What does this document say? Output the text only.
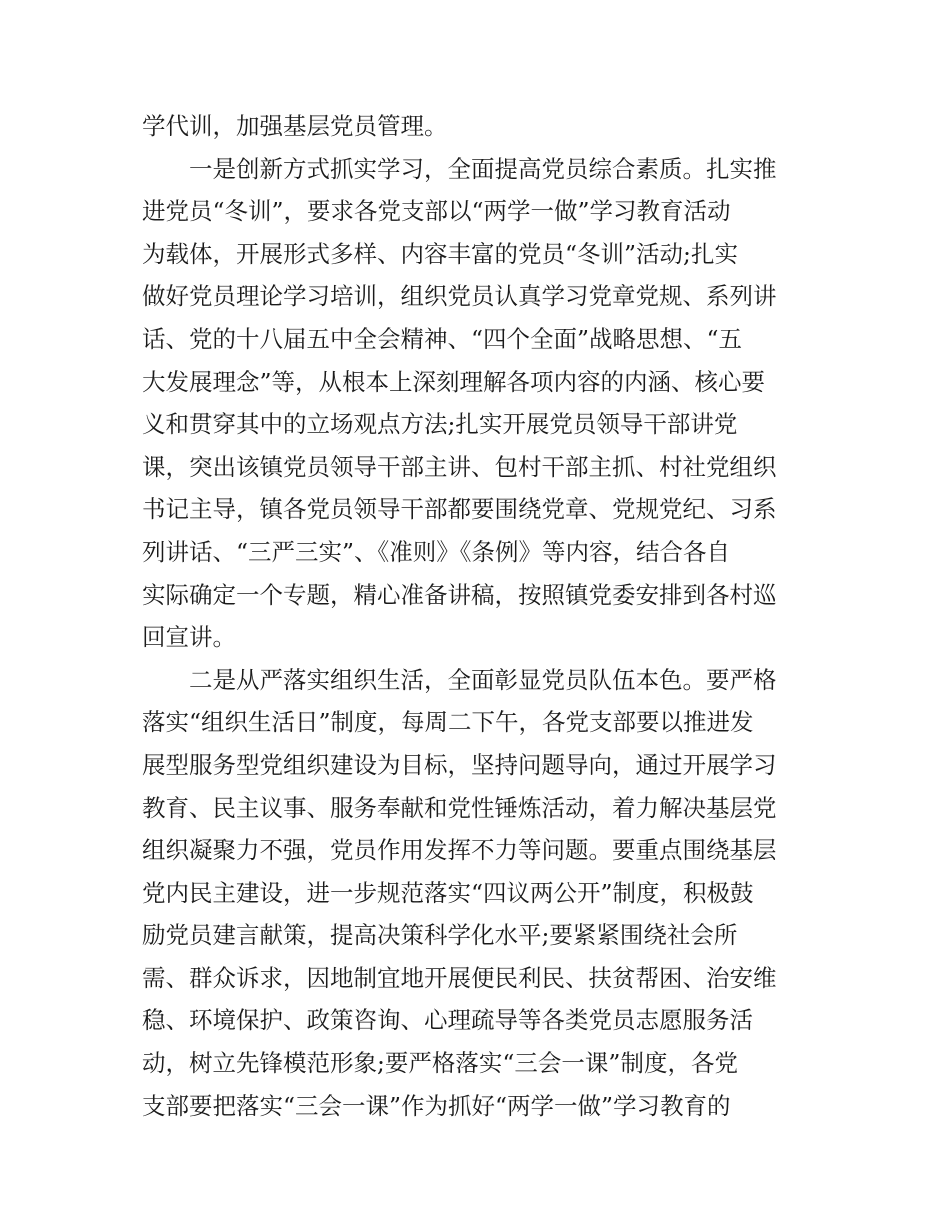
学代训，加强基层党员管理。
一是创新方式抓实学习，全面提高党员综合素质。扎实推
进党员“冬训”，要求各党支部以“两学一做”学习教育活动
为载体，开展形式多样、内容丰富的党员“冬训”活动;扎实
做好党员理论学习培训，组织党员认真学习党章党规、系列讲
话、党的十八届五中全会精神、“四个全面”战略思想、“五
大发展理念”等，从根本上深刻理解各项内容的内涵、核心要
义和贯穿其中的立场观点方法;扎实开展党员领导干部讲党
课，突出该镇党员领导干部主讲、包村干部主抓、村社党组织
书记主导，镇各党员领导干部都要围绕党章、党规党纪、习系
列讲话、“三严三实”、《准则》《条例》等内容，结合各自
实际确定一个专题，精心准备讲稿，按照镇党委安排到各村巡
回宣讲。
二是从严落实组织生活，全面彰显党员队伍本色。要严格
落实“组织生活日”制度，每周二下午，各党支部要以推进发
展型服务型党组织建设为目标，坚持问题导向，通过开展学习
教育、民主议事、服务奉献和党性锤炼活动，着力解决基层党
组织凝聚力不强，党员作用发挥不力等问题。要重点围绕基层
党内民主建设，进一步规范落实“四议两公开”制度，积极鼓
励党员建言献策，提高决策科学化水平;要紧紧围绕社会所
需、群众诉求，因地制宜地开展便民利民、扶贫帮困、治安维
稳、环境保护、政策咨询、心理疏导等各类党员志愿服务活
动，树立先锋模范形象;要严格落实“三会一课”制度，各党
支部要把落实“三会一课”作为抓好“两学一做”学习教育的
